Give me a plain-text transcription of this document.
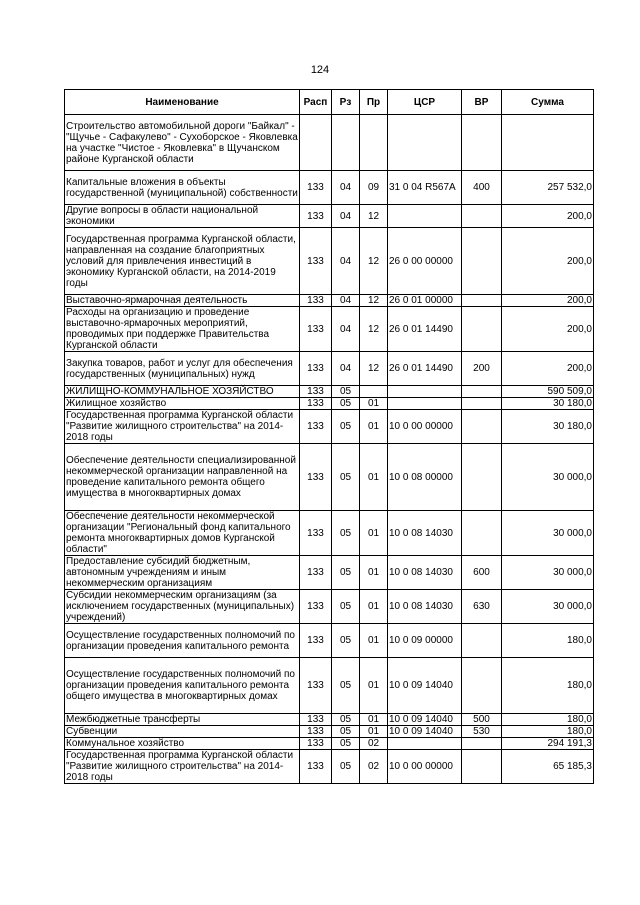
124
Наименование	Расп	Рз	Пр	ЦСР	ВР	Сумма
Строительство автомобильной дороги "Байкал" - "Щучье - Сафакулево" - Сухоборское - Яковлевка на участке "Чистое - Яковлевка" в Щучанском районе Курганской области						
Капитальные вложения в объекты государственной (муниципальной) собственности	133	04	09	31 0 04 R567A	400	257 532,0
Другие вопросы в области национальной экономики	133	04	12			200,0
Государственная программа Курганской области, направленная на создание благоприятных условий для привлечения инвестиций в экономику Курганской области, на 2014-2019 годы	133	04	12	26 0 00 00000		200,0
Выставочно-ярмарочная деятельность	133	04	12	26 0 01 00000		200,0
Расходы на организацию и проведение выставочно-ярмарочных мероприятий, проводимых при поддержке Правительства Курганской области	133	04	12	26 0 01 14490		200,0
Закупка товаров, работ и услуг для обеспечения государственных (муниципальных) нужд	133	04	12	26 0 01 14490	200	200,0
ЖИЛИЩНО-КОММУНАЛЬНОЕ ХОЗЯЙСТВО	133	05				590 509,0
Жилищное хозяйство	133	05	01			30 180,0
Государственная программа Курганской области "Развитие жилищного строительства" на 2014-2018 годы	133	05	01	10 0 00 00000		30 180,0
Обеспечение деятельности специализированной некоммерческой организации направленной на проведение капитального ремонта общего имущества в многоквартирных домах	133	05	01	10 0 08 00000		30 000,0
Обеспечение деятельности некоммерческой организации "Региональный фонд капитального ремонта многоквартирных домов Курганской области"	133	05	01	10 0 08 14030		30 000,0
Предоставление субсидий бюджетным, автономным учреждениям и иным некоммерческим организациям	133	05	01	10 0 08 14030	600	30 000,0
Субсидии некоммерческим организациям (за исключением государственных (муниципальных) учреждений)	133	05	01	10 0 08 14030	630	30 000,0
Осуществление государственных полномочий по организации проведения капитального ремонта	133	05	01	10 0 09 00000		180,0
Осуществление государственных полномочий по организации проведения капитального ремонта общего имущества в многоквартирных домах	133	05	01	10 0 09 14040		180,0
Межбюджетные трансферты	133	05	01	10 0 09 14040	500	180,0
Субвенции	133	05	01	10 0 09 14040	530	180,0
Коммунальное хозяйство	133	05	02			294 191,3
Государственная программа Курганской области "Развитие жилищного строительства" на 2014-2018 годы	133	05	02	10 0 00 00000		65 185,3
